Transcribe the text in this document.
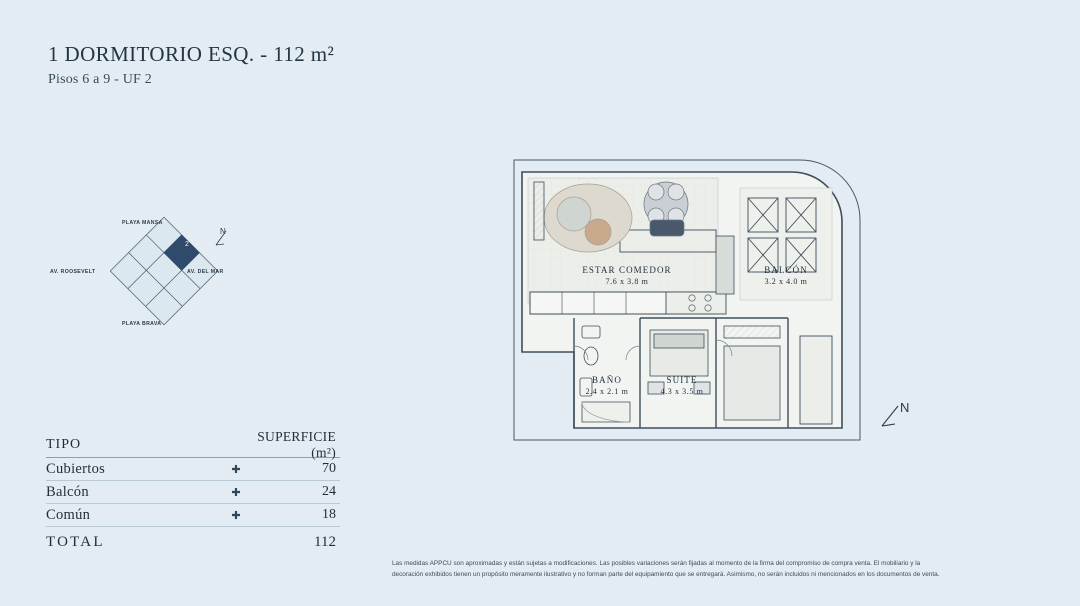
1 DORMITORIO ESQ. - 112 m²
Pisos 6 a 9 - UF 2
2
PLAYA MANSA
AV. ROOSEVELT	AV. DEL MAR
PLAYA BRAVA
N
TIPO
SUPERFICIE (m²)
Cubiertos	✚	70
Balcón	✚	24
Común	✚	18
TOTAL	112
ESTAR COMEDOR
7.6 x 3.8 m
BALCÓN
3.2 x 4.0 m
BAÑO
2.4 x 2.1 m
SUITE
4.3 x 3.5 m
N
Las medidas APPCU son aproximadas y están sujetas a modificaciones. Las posibles variaciones serán fijadas al momento de la firma del compromiso de compra venta. El mobiliario y la
decoración exhibidos tienen un propósito meramente ilustrativo y no forman parte del equipamiento que se entregará. Asimismo, no serán incluidos ni mencionados en los documentos de venta.
